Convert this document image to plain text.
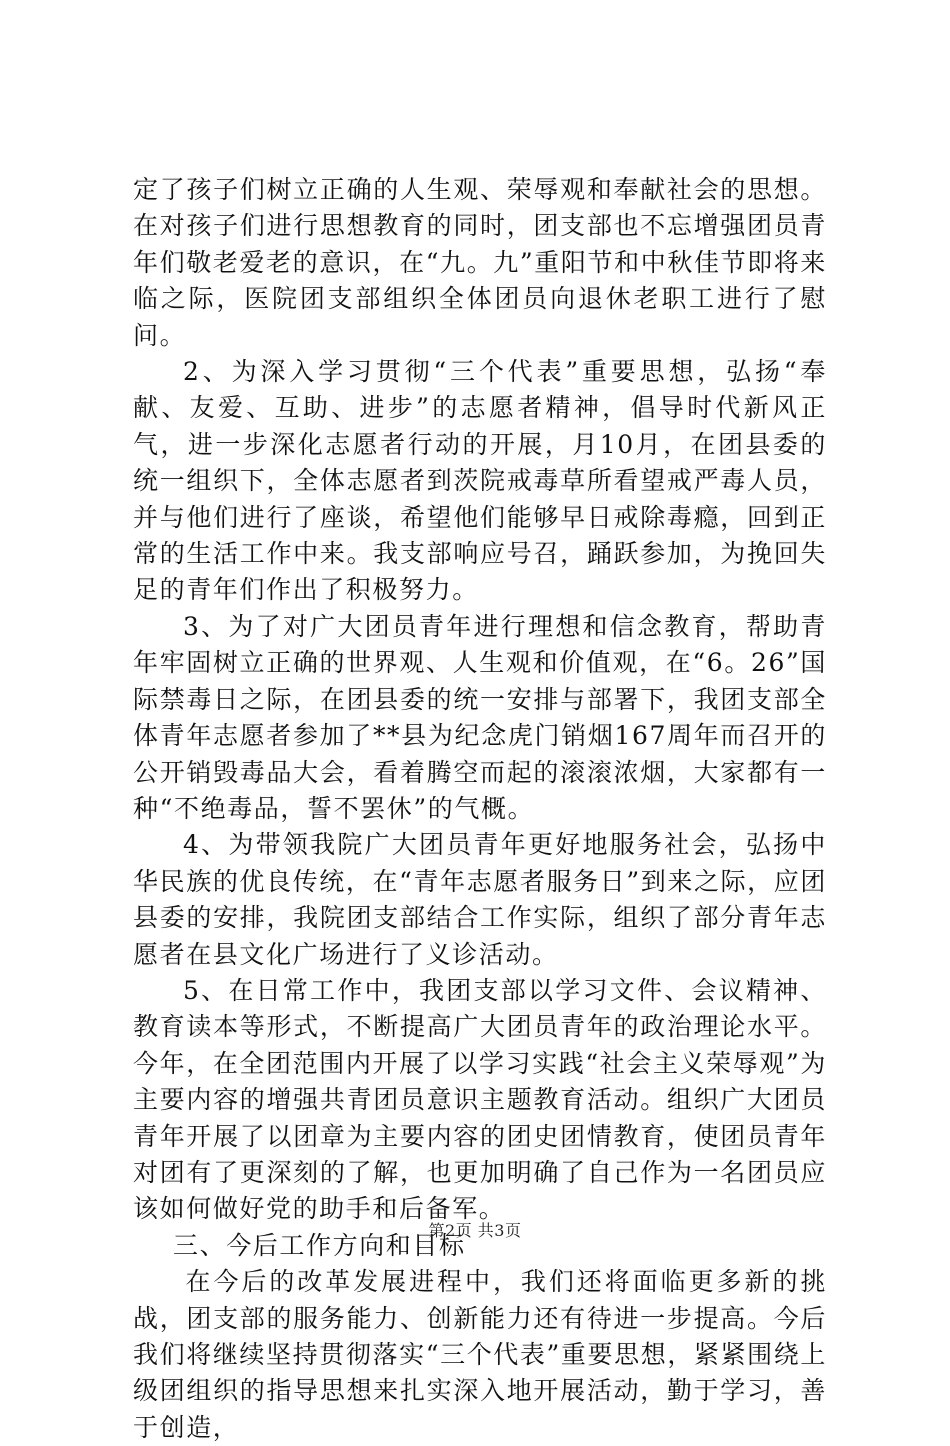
定了孩子们树立正确的人生观、荣辱观和奉献社会的思想。在对孩子们进行思想教育的同时，团支部也不忘增强团员青年们敬老爱老的意识，在“九。九”重阳节和中秋佳节即将来临之际，医院团支部组织全体团员向退休老职工进行了慰问。

2、为深入学习贯彻“三个代表”重要思想，弘扬“奉献、友爱、互助、进步”的志愿者精神，倡导时代新风正气，进一步深化志愿者行动的开展，月10月，在团县委的统一组织下，全体志愿者到茨院戒毒草所看望戒严毒人员，并与他们进行了座谈，希望他们能够早日戒除毒瘾，回到正常的生活工作中来。我支部响应号召，踊跃参加，为挽回失足的青年们作出了积极努力。

3、为了对广大团员青年进行理想和信念教育，帮助青年牢固树立正确的世界观、人生观和价值观，在“6。26”国际禁毒日之际，在团县委的统一安排与部署下，我团支部全体青年志愿者参加了**县为纪念虎门销烟167周年而召开的公开销毁毒品大会，看着腾空而起的滚滚浓烟，大家都有一种“不绝毒品，誓不罢休”的气概。

4、为带领我院广大团员青年更好地服务社会，弘扬中华民族的优良传统，在“青年志愿者服务日”到来之际，应团县委的安排，我院团支部结合工作实际，组织了部分青年志愿者在县文化广场进行了义诊活动。

5、在日常工作中，我团支部以学习文件、会议精神、教育读本等形式，不断提高广大团员青年的政治理论水平。今年，在全团范围内开展了以学习实践“社会主义荣辱观”为主要内容的增强共青团员意识主题教育活动。组织广大团员青年开展了以团章为主要内容的团史团情教育，使团员青年对团有了更深刻的了解，也更加明确了自己作为一名团员应该如何做好党的助手和后备军。

三、今后工作方向和目标

在今后的改革发展进程中，我们还将面临更多新的挑战，团支部的服务能力、创新能力还有待进一步提高。今后我们将继续坚持贯彻落实“三个代表”重要思想，紧紧围绕上级团组织的指导思想来扎实深入地开展活动，勤于学习，善于创造，

第2页 共3页
